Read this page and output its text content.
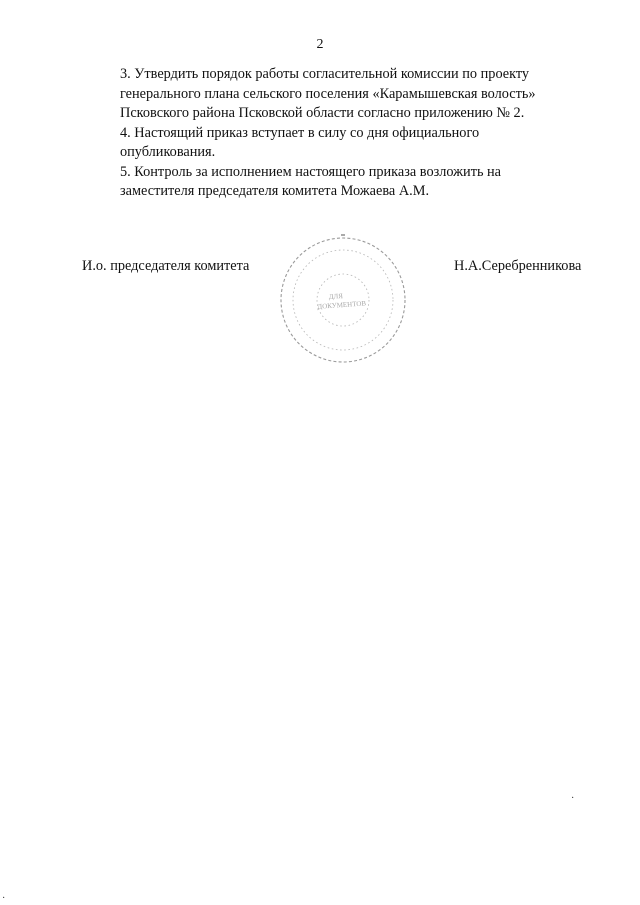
2

3. Утвердить порядок работы согласительной комиссии по проекту
генерального плана сельского поселения «Карамышевская волость»
Псковского района Псковской области согласно приложению № 2.

4. Настоящий приказ вступает в силу со дня официального
опубликования.

5. Контроль за исполнением настоящего приказа возложить на
заместителя председателя комитета Можаева А.М.

И.о. председателя комитета
ДЛЯ
ДОКУМЕНТОВ
Н.А.Серебренникова
·
·
